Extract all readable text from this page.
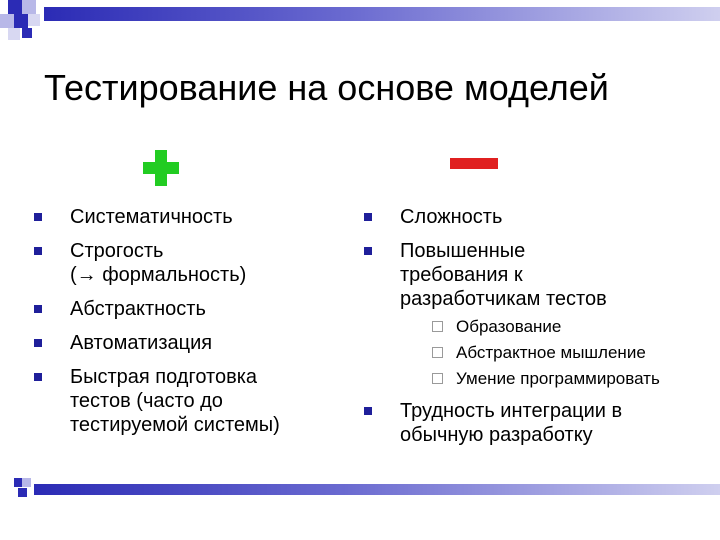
Тестирование на основе моделей
Систематичность
Строгость
(→ формальность)
Абстрактность
Автоматизация
Быстрая подготовка
тестов (часто до
тестируемой системы)
Сложность
Повышенные
требования к
разработчикам тестов
Образование
Абстрактное мышление
Умение программировать
Трудность интеграции в
обычную разработку
